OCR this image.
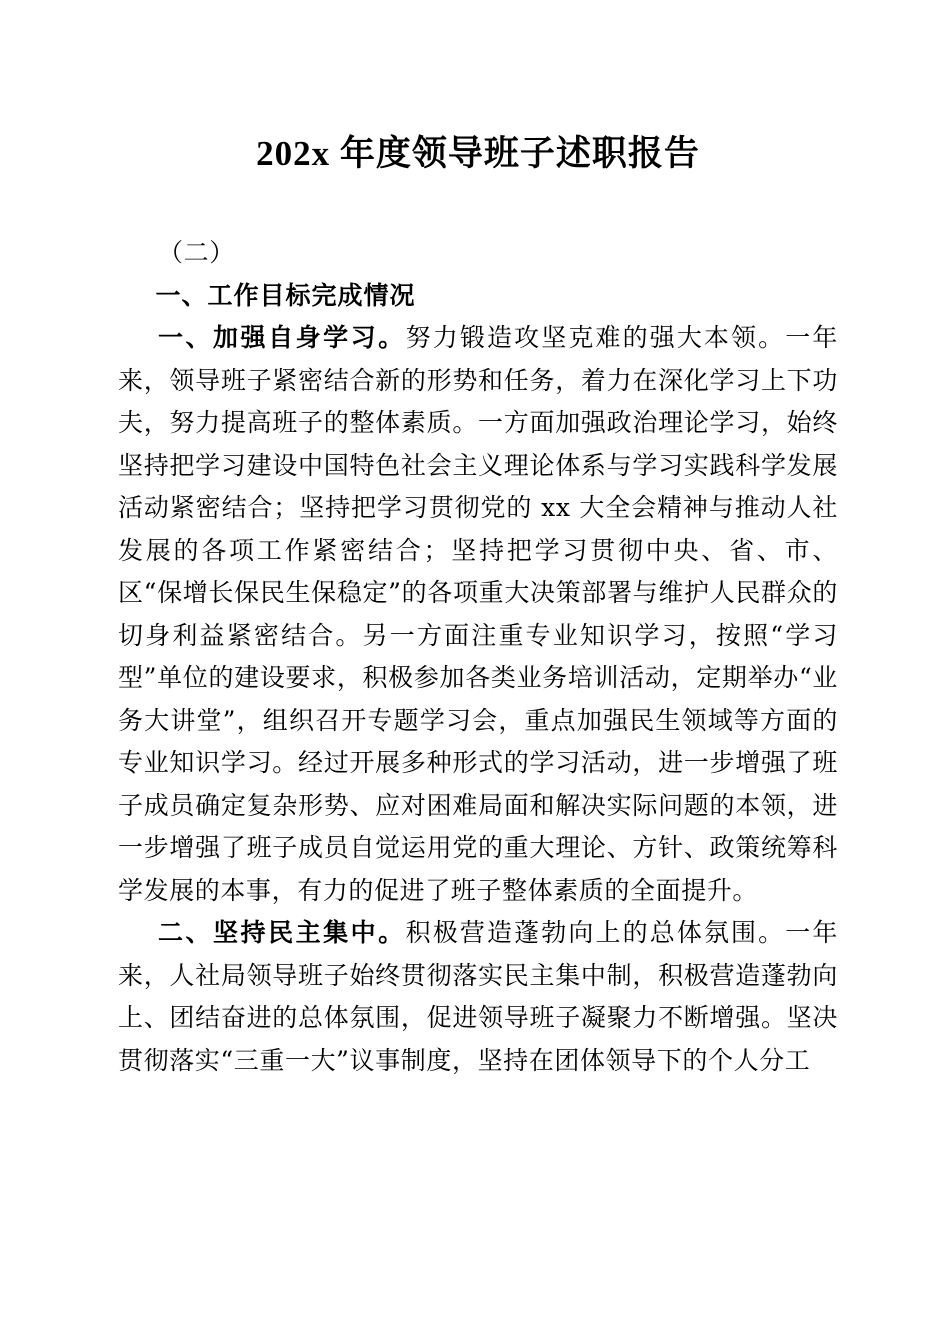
202x 年度领导班子述职报告

（二）

一、工作目标完成情况

一、加强自身学习。努力锻造攻坚克难的强大本领。一年来，领导班子紧密结合新的形势和任务，着力在深化学习上下功夫，努力提高班子的整体素质。一方面加强政治理论学习，始终坚持把学习建设中国特色社会主义理论体系与学习实践科学发展活动紧密结合；坚持把学习贯彻党的 xx 大全会精神与推动人社发展的各项工作紧密结合；坚持把学习贯彻中央、省、市、区“保增长保民生保稳定”的各项重大决策部署与维护人民群众的切身利益紧密结合。另一方面注重专业知识学习，按照“学习型”单位的建设要求，积极参加各类业务培训活动，定期举办“业务大讲堂”，组织召开专题学习会，重点加强民生领域等方面的专业知识学习。经过开展多种形式的学习活动，进一步增强了班子成员确定复杂形势、应对困难局面和解决实际问题的本领，进一步增强了班子成员自觉运用党的重大理论、方针、政策统筹科学发展的本事，有力的促进了班子整体素质的全面提升。

二、坚持民主集中。积极营造蓬勃向上的总体氛围。一年来，人社局领导班子始终贯彻落实民主集中制，积极营造蓬勃向上、团结奋进的总体氛围，促进领导班子凝聚力不断增强。坚决贯彻落实“三重一大”议事制度，坚持在团体领导下的个人分工
